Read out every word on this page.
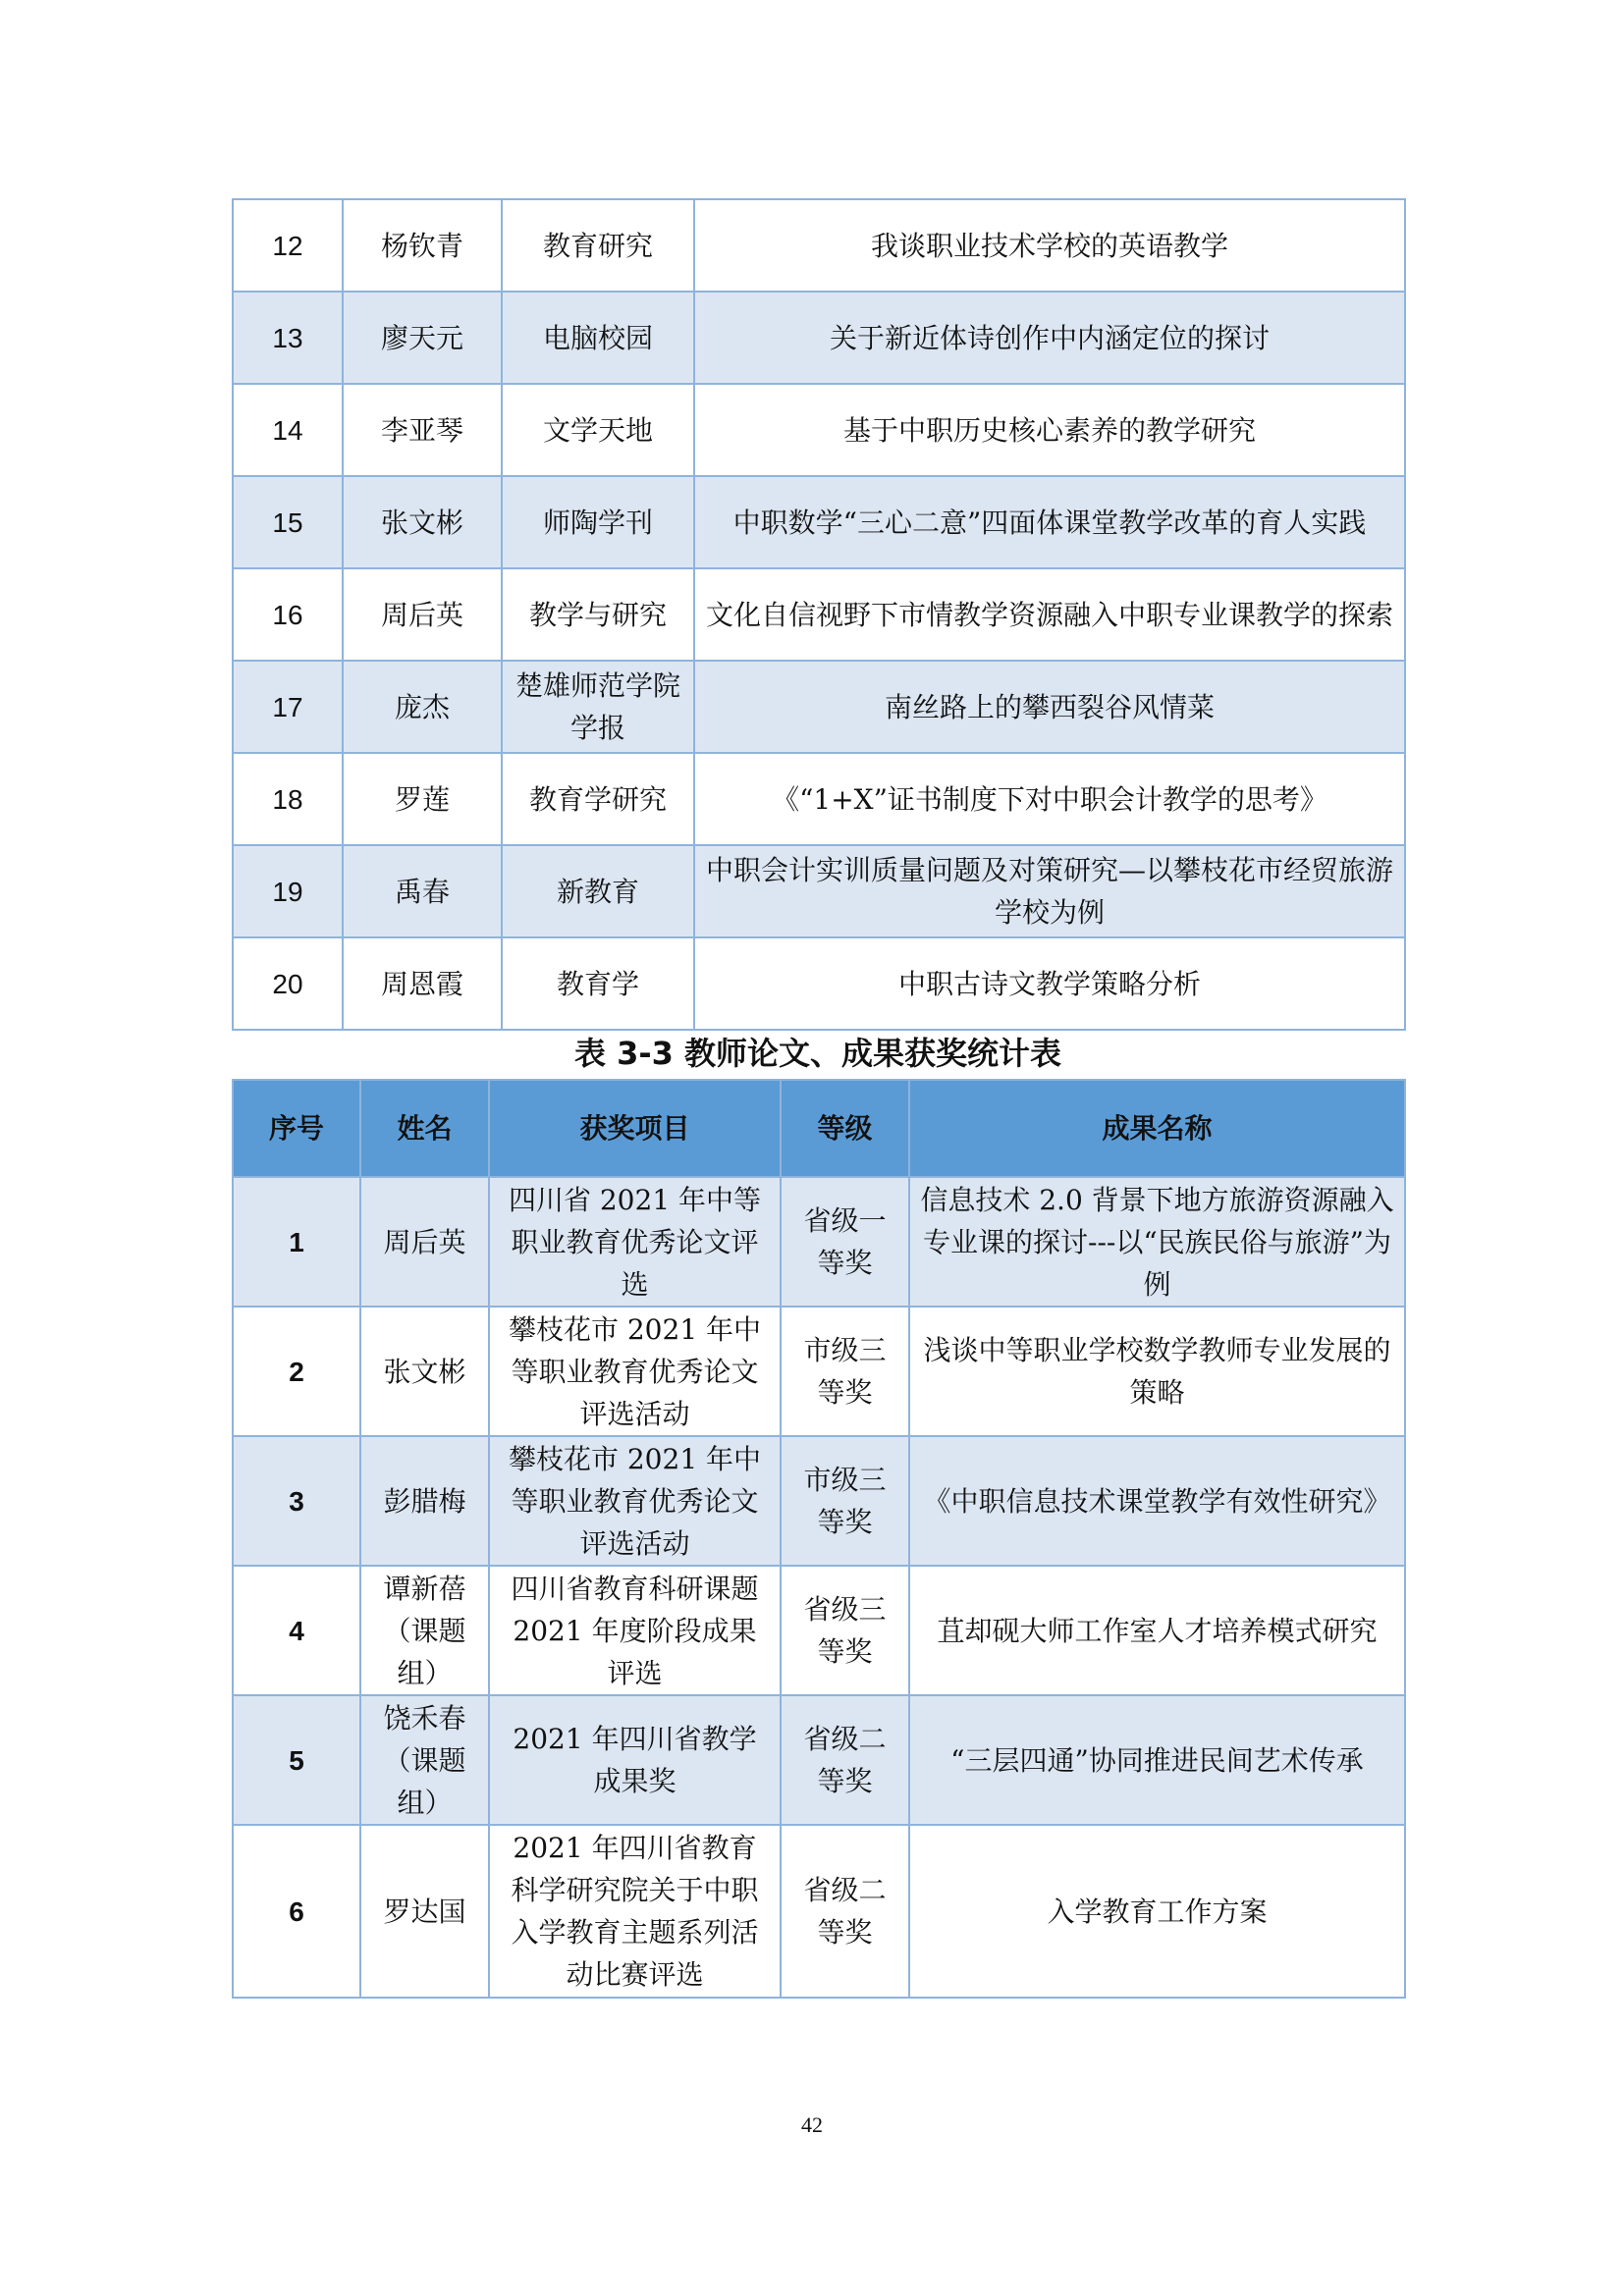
12	杨钦青	教育研究	我谈职业技术学校的英语教学
13	廖天元	电脑校园	关于新近体诗创作中内涵定位的探讨
14	李亚琴	文学天地	基于中职历史核心素养的教学研究
15	张文彬	师陶学刊	中职数学“三心二意”四面体课堂教学改革的育人实践
16	周后英	教学与研究	文化自信视野下市情教学资源融入中职专业课教学的探索
17	庞杰	楚雄师范学院学报	南丝路上的攀西裂谷风情菜
18	罗莲	教育学研究	《“1+X”证书制度下对中职会计教学的思考》
19	禹春	新教育	中职会计实训质量问题及对策研究—以攀枝花市经贸旅游学校为例
20	周恩霞	教育学	中职古诗文教学策略分析
表 3-3 教师论文、成果获奖统计表
序号	姓名	获奖项目	等级	成果名称
1	周后英	四川省 2021 年中等职业教育优秀论文评选	省级一等奖	信息技术 2.0 背景下地方旅游资源融入专业课的探讨---以“民族民俗与旅游”为例
2	张文彬	攀枝花市 2021 年中等职业教育优秀论文评选活动	市级三等奖	浅谈中等职业学校数学教师专业发展的策略
3	彭腊梅	攀枝花市 2021 年中等职业教育优秀论文评选活动	市级三等奖	《中职信息技术课堂教学有效性研究》
4	谭新蓓（课题组）	四川省教育科研课题 2021 年度阶段成果评选	省级三等奖	苴却砚大师工作室人才培养模式研究
5	饶禾春（课题组）	2021 年四川省教学成果奖	省级二等奖	“三层四通”协同推进民间艺术传承
6	罗达国	2021 年四川省教育科学研究院关于中职入学教育主题系列活动比赛评选	省级二等奖	入学教育工作方案
42
